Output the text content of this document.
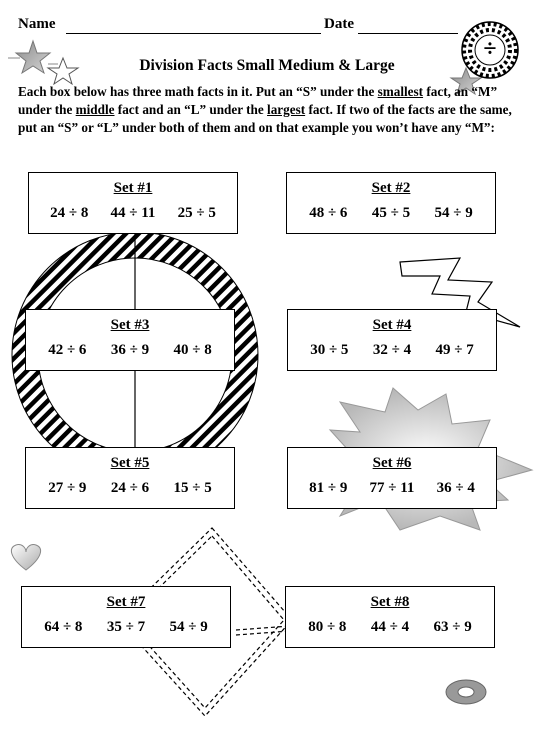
÷
Name	Date
Division Facts Small Medium & Large
Each box below has three math facts in it. Put an “S” under the smallest fact, an “M” under the middle fact and an “L” under the largest fact. If two of the facts are the same, put an “S” or “L” under both of them and on that example you won’t have any “M”:
Set #1
24 ÷ 8 44 ÷ 11 25 ÷ 5
Set #2
48 ÷ 6 45 ÷ 5 54 ÷ 9
Set #3
42 ÷ 6 36 ÷ 9 40 ÷ 8
Set #4
30 ÷ 5 32 ÷ 4 49 ÷ 7
Set #5
27 ÷ 9 24 ÷ 6 15 ÷ 5
Set #6
81 ÷ 9 77 ÷ 11 36 ÷ 4
Set #7
64 ÷ 8 35 ÷ 7 54 ÷ 9
Set #8
80 ÷ 8 44 ÷ 4 63 ÷ 9
